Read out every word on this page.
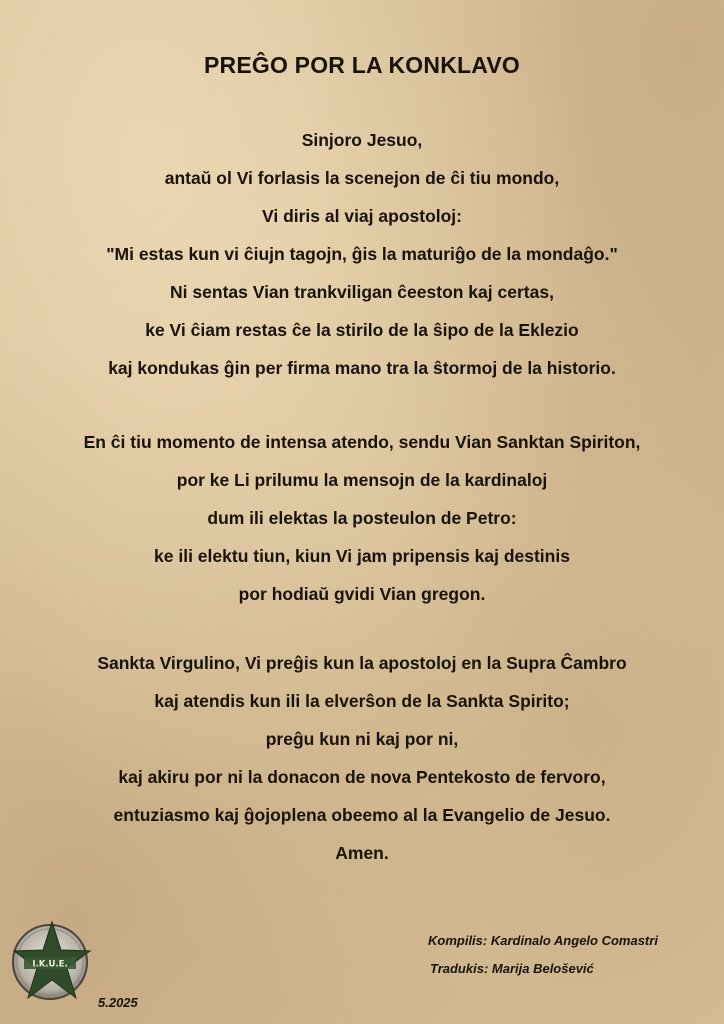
PREĜO POR LA KONKLAVO
Sinjoro Jesuo,
antaŭ ol Vi forlasis la scenejon de ĉi tiu mondo,
Vi diris al viaj apostoloj:
"Mi estas kun vi ĉiujn tagojn, ĝis la maturiĝo de la mondaĝo."
Ni sentas Vian trankviligan ĉeeston kaj certas,
ke Vi ĉiam restas ĉe la stirilo de la ŝipo de la Eklezio
kaj kondukas ĝin per firma mano tra la ŝtormoj de la historio.
En ĉi tiu momento de intensa atendo, sendu Vian Sanktan Spiriton,
por ke Li prilumu la mensojn de la kardinaloj
dum ili elektas la posteulon de Petro:
ke ili elektu tiun, kiun Vi jam pripensis kaj destinis
por hodiaŭ gvidi Vian gregon.
Sankta Virgulino, Vi preĝis kun la apostoloj en la Supra Ĉambro
kaj atendis kun ili la elverŝon de la Sankta Spirito;
preĝu kun ni kaj por ni,
kaj akiru por ni la donacon de nova Pentekosto de fervoro,
entuziasmo kaj ĝojoplena obeemo al la Evangelio de Jesuo.
Amen.
I.K.U.E.
5.2025
Kompilis: Kardinalo Angelo Comastri
Tradukis: Marija Belošević
